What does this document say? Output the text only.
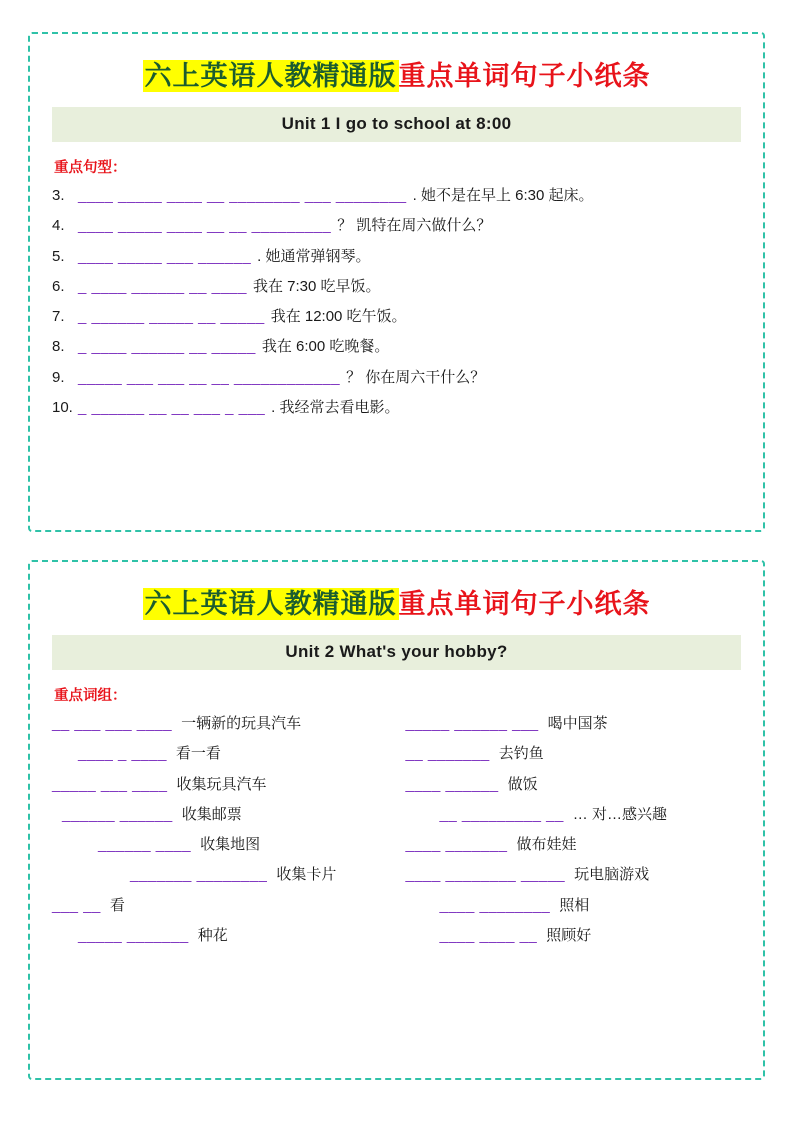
六上英语人教精通版重点单词句子小纸条
Unit 1 I go to school at 8:00
重点句型：
3. ____ _____ ____ __ ________ ___ ________ . 她不是在早上 6:30 起床。
4. ____ _____ ____ __ __ _________ ？ 凯特在周六做什么？
5. ____ _____ ___ ______ . 她通常弹钢琴。
6. _ ____ ______ __ ____ 我在 7:30 吃早饭。
7. _ ______ _____ __ _____ 我在 12:00 吃午饭。
8. _ ____ ______ __ _____ 我在 6:00 吃晚餐。
9. _____ ___ ___ __ __ ____________ ？ 你在周六干什么？
10. _ ______ __ __ ___ _ ___ . 我经常去看电影。
六上英语人教精通版重点单词句子小纸条
Unit 2 What's your hobby?
重点词组：
__ ___ ___ ____ 一辆新的玩具汽车	_____ ______ ___ 喝中国茶
____ _ ____ 看一看	__ _______ 去钓鱼
_____ ___ ____ 收集玩具汽车	____ ______ 做饭
______ ______ 收集邮票	__ _________ __ … 对…感兴趣
______ ____ 收集地图	____ _______ 做布娃娃
_______ ________ 收集卡片	____ ________ _____ 玩电脑游戏
___ __ 看	____ ________ 照相
_____ _______ 种花	____ ____ __ 照顾好
